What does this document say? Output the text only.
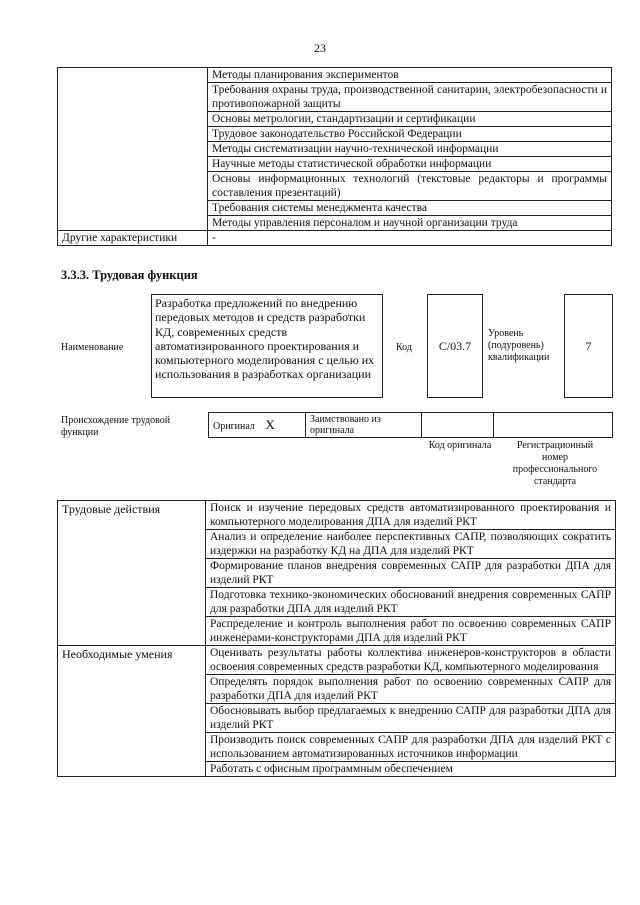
23
	Методы планирования экспериментов
	Требования охраны труда, производственной санитарии, электробезопасности и противопожарной защиты
	Основы метрологии, стандартизации и сертификации
	Трудовое законодательство Российской Федерации
	Методы систематизации научно-технической информации
	Научные методы статистической обработки информации
	Основы информационных технологий (текстовые редакторы и программы составления презентаций)
	Требования системы менеджмента качества
	Методы управления персоналом и научной организации труда
Другие характеристики	-
3.3.3. Трудовая функция
Наименование
Разработка предложений по внедрению передовых методов и средств разработки КД, современных средств автоматизированного проектирования и компьютерного моделирования с целью их использования в разработках организации
Код	С/03.7
Уровень (подуровень) квалификации
7
Происхождение трудовой функции
Оригинал X	Заимствовано из оригинала		
Код оригинала	Регистрационный номер профессионального стандарта
Трудовые действия	Поиск и изучение передовых средств автоматизированного проектирования и компьютерного моделирования ДПА для изделий РКТ
	Анализ и определение наиболее перспективных САПР, позволяющих сократить издержки на разработку КД на ДПА для изделий РКТ
	Формирование планов внедрения современных САПР для разработки ДПА для изделий РКТ
	Подготовка технико-экономических обоснований внедрения современных САПР для разработки ДПА для изделий РКТ
	Распределение и контроль выполнения работ по освоению современных САПР инженерами-конструкторами ДПА для изделий РКТ
Необходимые умения	Оценивать результаты работы коллектива инженеров-конструкторов в области освоения современных средств разработки КД, компьютерного моделирования
	Определять порядок выполнения работ по освоению современных САПР для разработки ДПА для изделий РКТ
	Обосновывать выбор предлагаемых к внедрению САПР для разработки ДПА для изделий РКТ
	Производить поиск современных САПР для разработки ДПА для изделий РКТ с использованием автоматизированных источников информации
	Работать с офисным программным обеспечением
